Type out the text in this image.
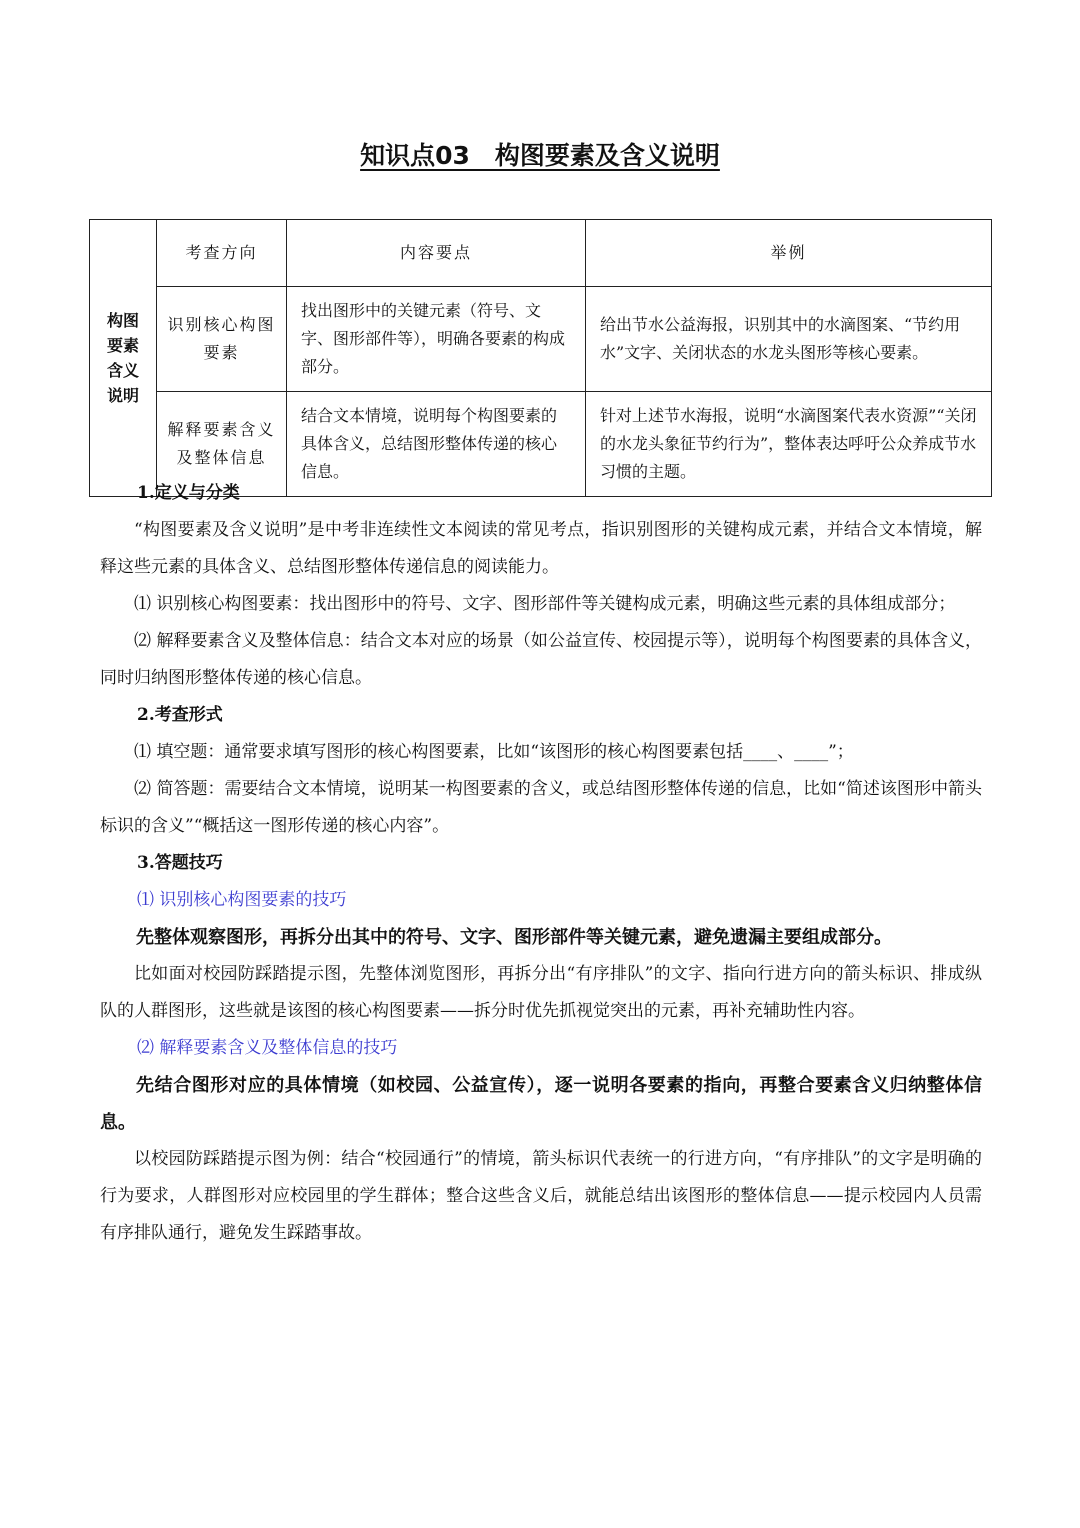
知识点03　构图要素及含义说明
构图要素含义说明	考查方向	内容要点	举例
	识别核心构图要素	找出图形中的关键元素（符号、文字、图形部件等），明确各要素的构成部分。	给出节水公益海报，识别其中的水滴图案、“节约用水”文字、关闭状态的水龙头图形等核心要素。
	解释要素含义及整体信息	结合文本情境，说明每个构图要素的具体含义，总结图形整体传递的核心信息。	针对上述节水海报，说明“水滴图案代表水资源”“关闭的水龙头象征节约行为”，整体表达呼吁公众养成节水习惯的主题。
1.定义与分类

“构图要素及含义说明”是中考非连续性文本阅读的常见考点，指识别图形的关键构成元素，并结合文本情境，解释这些元素的具体含义、总结图形整体传递信息的阅读能力。

⑴ 识别核心构图要素：找出图形中的符号、文字、图形部件等关键构成元素，明确这些元素的具体组成部分；

⑵ 解释要素含义及整体信息：结合文本对应的场景（如公益宣传、校园提示等），说明每个构图要素的具体含义，同时归纳图形整体传递的核心信息。

2.考查形式

⑴ 填空题：通常要求填写图形的核心构图要素，比如“该图形的核心构图要素包括____、____”；

⑵ 简答题：需要结合文本情境，说明某一构图要素的含义，或总结图形整体传递的信息，比如“简述该图形中箭头标识的含义”“概括这一图形传递的核心内容”。

3.答题技巧
⑴ 识别核心构图要素的技巧

先整体观察图形，再拆分出其中的符号、文字、图形部件等关键元素，避免遗漏主要组成部分。

比如面对校园防踩踏提示图，先整体浏览图形，再拆分出“有序排队”的文字、指向行进方向的箭头标识、排成纵队的人群图形，这些就是该图的核心构图要素——拆分时优先抓视觉突出的元素，再补充辅助性内容。

⑵ 解释要素含义及整体信息的技巧

先结合图形对应的具体情境（如校园、公益宣传），逐一说明各要素的指向，再整合要素含义归纳整体信息。

以校园防踩踏提示图为例：结合“校园通行”的情境，箭头标识代表统一的行进方向，“有序排队”的文字是明确的行为要求，人群图形对应校园里的学生群体；整合这些含义后，就能总结出该图形的整体信息——提示校园内人员需有序排队通行，避免发生踩踏事故。
